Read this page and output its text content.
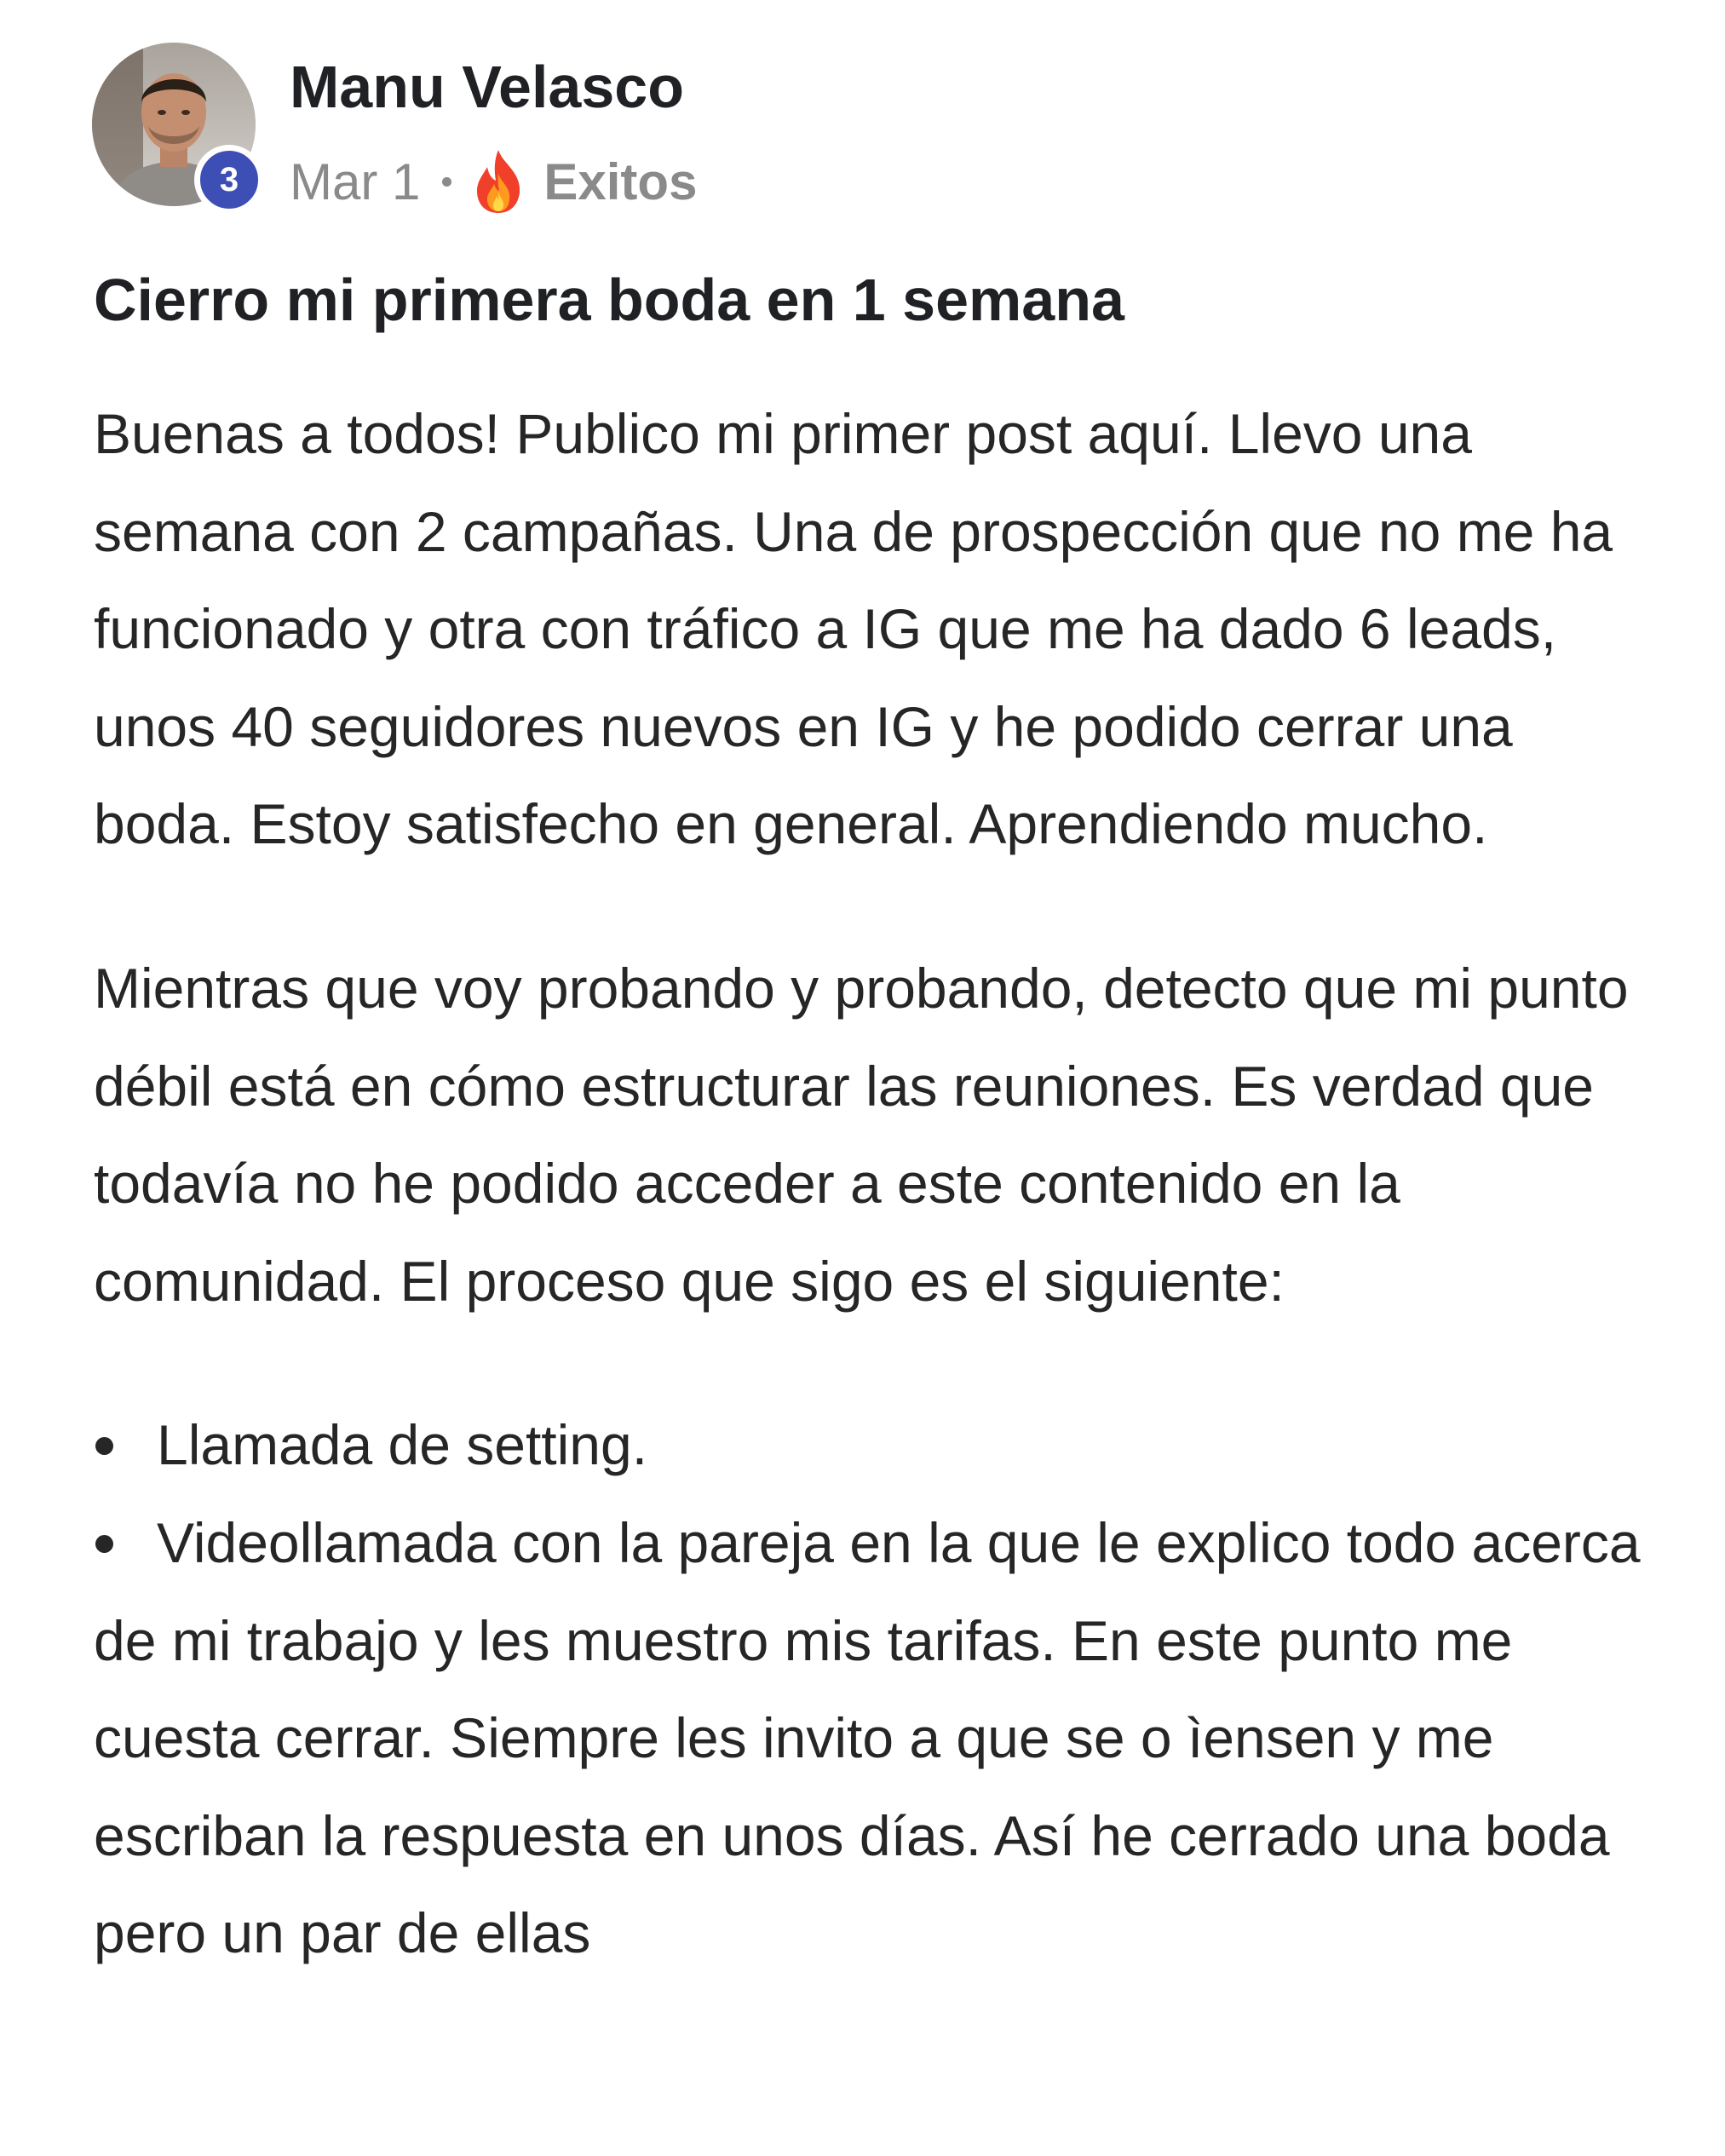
3
Manu Velasco
Mar 1 Exitos
Cierro mi primera boda en 1 semana

Buenas a todos! Publico mi primer post aquí. Llevo una semana con 2 campañas. Una de prospección que no me ha funcionado y otra con tráfico a IG que me ha dado 6 leads, unos 40 seguidores nuevos en IG y he podido cerrar una boda. Estoy satisfecho en general. Aprendiendo mucho.

Mientras que voy probando y probando, detecto que mi punto débil está en cómo estructurar las reuniones. Es verdad que todavía no he podido acceder a este contenido en la comunidad. El proceso que sigo es el siguiente:

Llamada de setting.
Videollamada con la pareja en la que le explico todo acerca de mi trabajo y les muestro mis tarifas. En este punto me cuesta cerrar. Siempre les invito a que se o ìensen y me escriban la respuesta en unos días. Así he cerrado una boda pero un par de ellas
